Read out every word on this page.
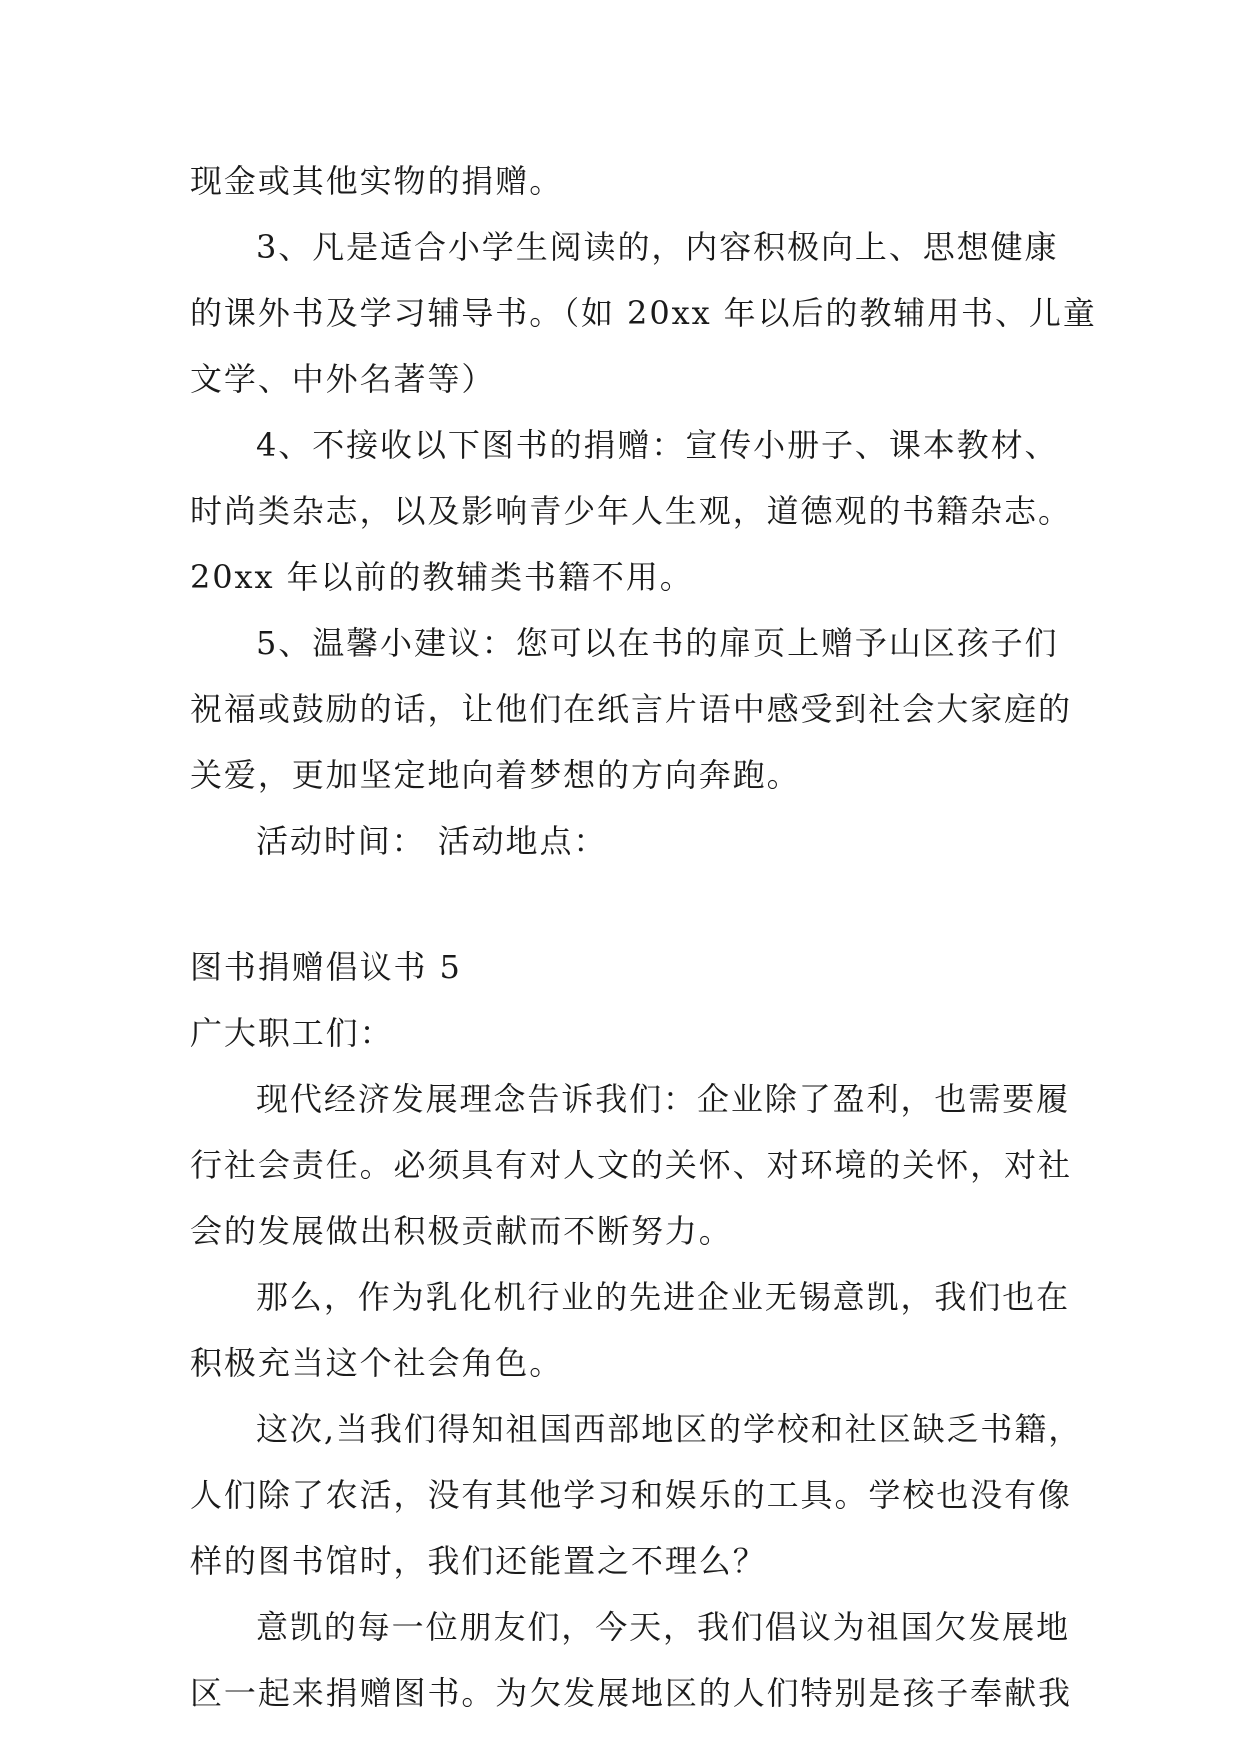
现金或其他实物的捐赠。
3、凡是适合小学生阅读的，内容积极向上、思想健康
的课外书及学习辅导书。（如 20xx 年以后的教辅用书、儿童
文学、中外名著等）
4、不接收以下图书的捐赠：宣传小册子、课本教材、
时尚类杂志，以及影响青少年人生观，道德观的书籍杂志。
20xx 年以前的教辅类书籍不用。
5、温馨小建议：您可以在书的扉页上赠予山区孩子们
祝福或鼓励的话，让他们在纸言片语中感受到社会大家庭的
关爱，更加坚定地向着梦想的方向奔跑。
活动时间： 活动地点：
图书捐赠倡议书 5
广大职工们：
现代经济发展理念告诉我们：企业除了盈利，也需要履
行社会责任。必须具有对人文的关怀、对环境的关怀，对社
会的发展做出积极贡献而不断努力。
那么，作为乳化机行业的先进企业无锡意凯，我们也在
积极充当这个社会角色。
这次,当我们得知祖国西部地区的学校和社区缺乏书籍，
人们除了农活，没有其他学习和娱乐的工具。学校也没有像
样的图书馆时，我们还能置之不理么？
意凯的每一位朋友们，今天，我们倡议为祖国欠发展地
区一起来捐赠图书。为欠发展地区的人们特别是孩子奉献我
